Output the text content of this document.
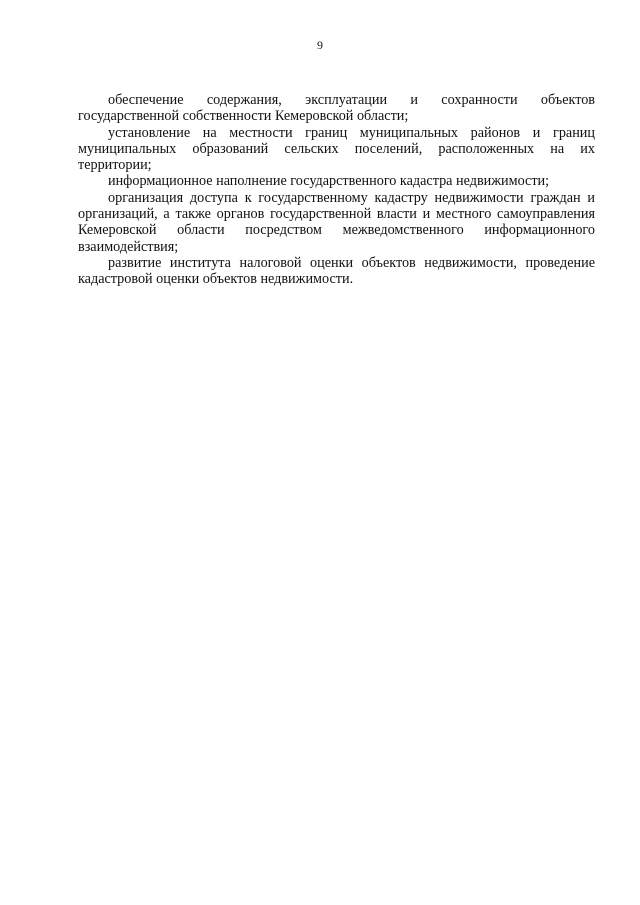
9

обеспечение содержания, эксплуатации и сохранности объектов государственной собственности Кемеровской области;

установление на местности границ муниципальных районов и границ муниципальных образований сельских поселений, расположенных на их территории;

информационное наполнение государственного кадастра недвижимости;

организация доступа к государственному кадастру недвижимости граждан и организаций, а также органов государственной власти и местного самоуправления Кемеровской области посредством межведомственного информационного взаимодействия;

развитие института налоговой оценки объектов недвижимости, проведение кадастровой оценки объектов недвижимости.
